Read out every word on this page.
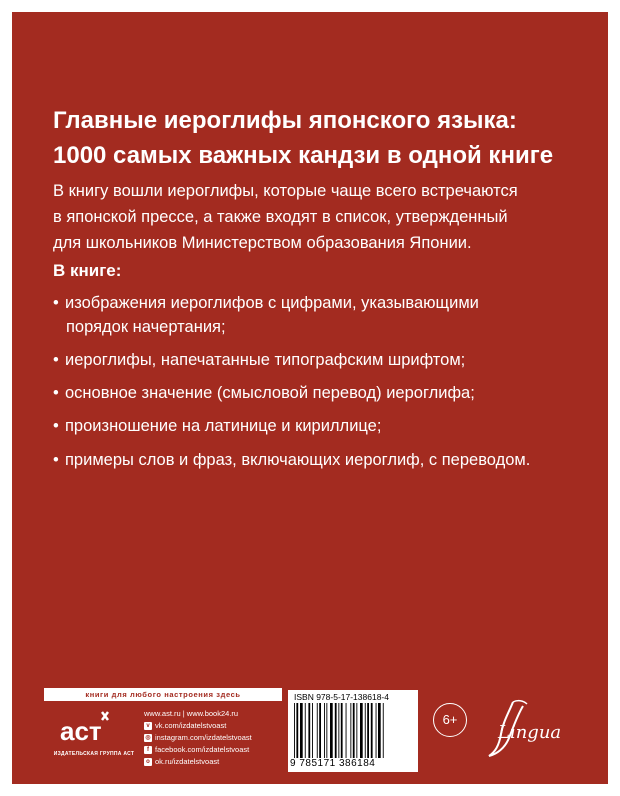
Главные иероглифы японского языка:
1000 самых важных кандзи в одной книге
В книгу вошли иероглифы, которые чаще всего встречаются
в японской прессе, а также входят в список, утвержденный
для школьников Министерством образования Японии.
В книге:
• изображения иероглифов с цифрами, указывающими
порядок начертания;
• иероглифы, напечатанные типографским шрифтом;
• основное значение (смысловой перевод) иероглифа;
• произношение на латинице и кириллице;
• примеры слов и фраз, включающих иероглиф, с переводом.
книги для любого настроения здесь
аст
ИЗДАТЕЛЬСКАЯ ГРУППА АСТ
www.ast.ru | www.book24.ru
v vk.com/izdatelstvoast
◎ instagram.com/izdatelstvoast
f facebook.com/izdatelstvoast
o ok.ru/izdatelstvoast
ISBN 978-5-17-138618-4
9 785171 386184
6+
Lingua
